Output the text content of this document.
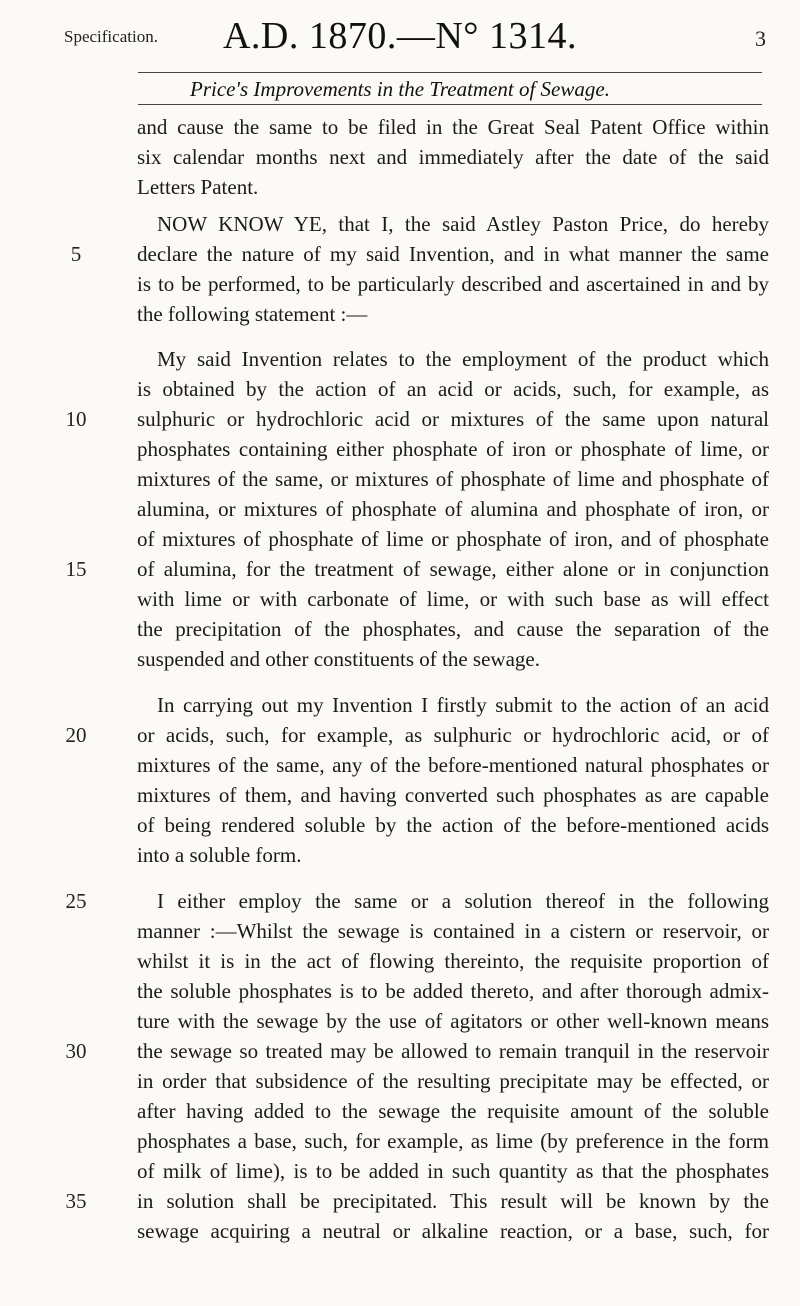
Specification.	A.D. 1870.—N° 1314.	3
Price's Improvements in the Treatment of Sewage.
and cause the same to be filed in the Great Seal Patent Office within
six calendar months next and immediately after the date of the said
Letters Patent.
NOW KNOW YE, that I, the said Astley Paston Price, do hereby
5	declare the nature of my said Invention, and in what manner the same
is to be performed, to be particularly described and ascertained in and by
the following statement :—
My said Invention relates to the employment of the product which
is obtained by the action of an acid or acids, such, for example, as
10	sulphuric or hydrochloric acid or mixtures of the same upon natural
phosphates containing either phosphate of iron or phosphate of lime, or
mixtures of the same, or mixtures of phosphate of lime and phosphate of
alumina, or mixtures of phosphate of alumina and phosphate of iron, or
of mixtures of phosphate of lime or phosphate of iron, and of phosphate
15	of alumina, for the treatment of sewage, either alone or in conjunction
with lime or with carbonate of lime, or with such base as will effect
the precipitation of the phosphates, and cause the separation of the
suspended and other constituents of the sewage.
In carrying out my Invention I firstly submit to the action of an acid
20	or acids, such, for example, as sulphuric or hydrochloric acid, or of
mixtures of the same, any of the before-mentioned natural phosphates or
mixtures of them, and having converted such phosphates as are capable
of being rendered soluble by the action of the before-mentioned acids
into a soluble form.
25	I either employ the same or a solution thereof in the following
manner :—Whilst the sewage is contained in a cistern or reservoir, or
whilst it is in the act of flowing thereinto, the requisite proportion of
the soluble phosphates is to be added thereto, and after thorough admix-
ture with the sewage by the use of agitators or other well-known means
30	the sewage so treated may be allowed to remain tranquil in the reservoir
in order that subsidence of the resulting precipitate may be effected, or
after having added to the sewage the requisite amount of the soluble
phosphates a base, such, for example, as lime (by preference in the form
of milk of lime), is to be added in such quantity as that the phosphates
35	in solution shall be precipitated. This result will be known by the
sewage acquiring a neutral or alkaline reaction, or a base, such, for
